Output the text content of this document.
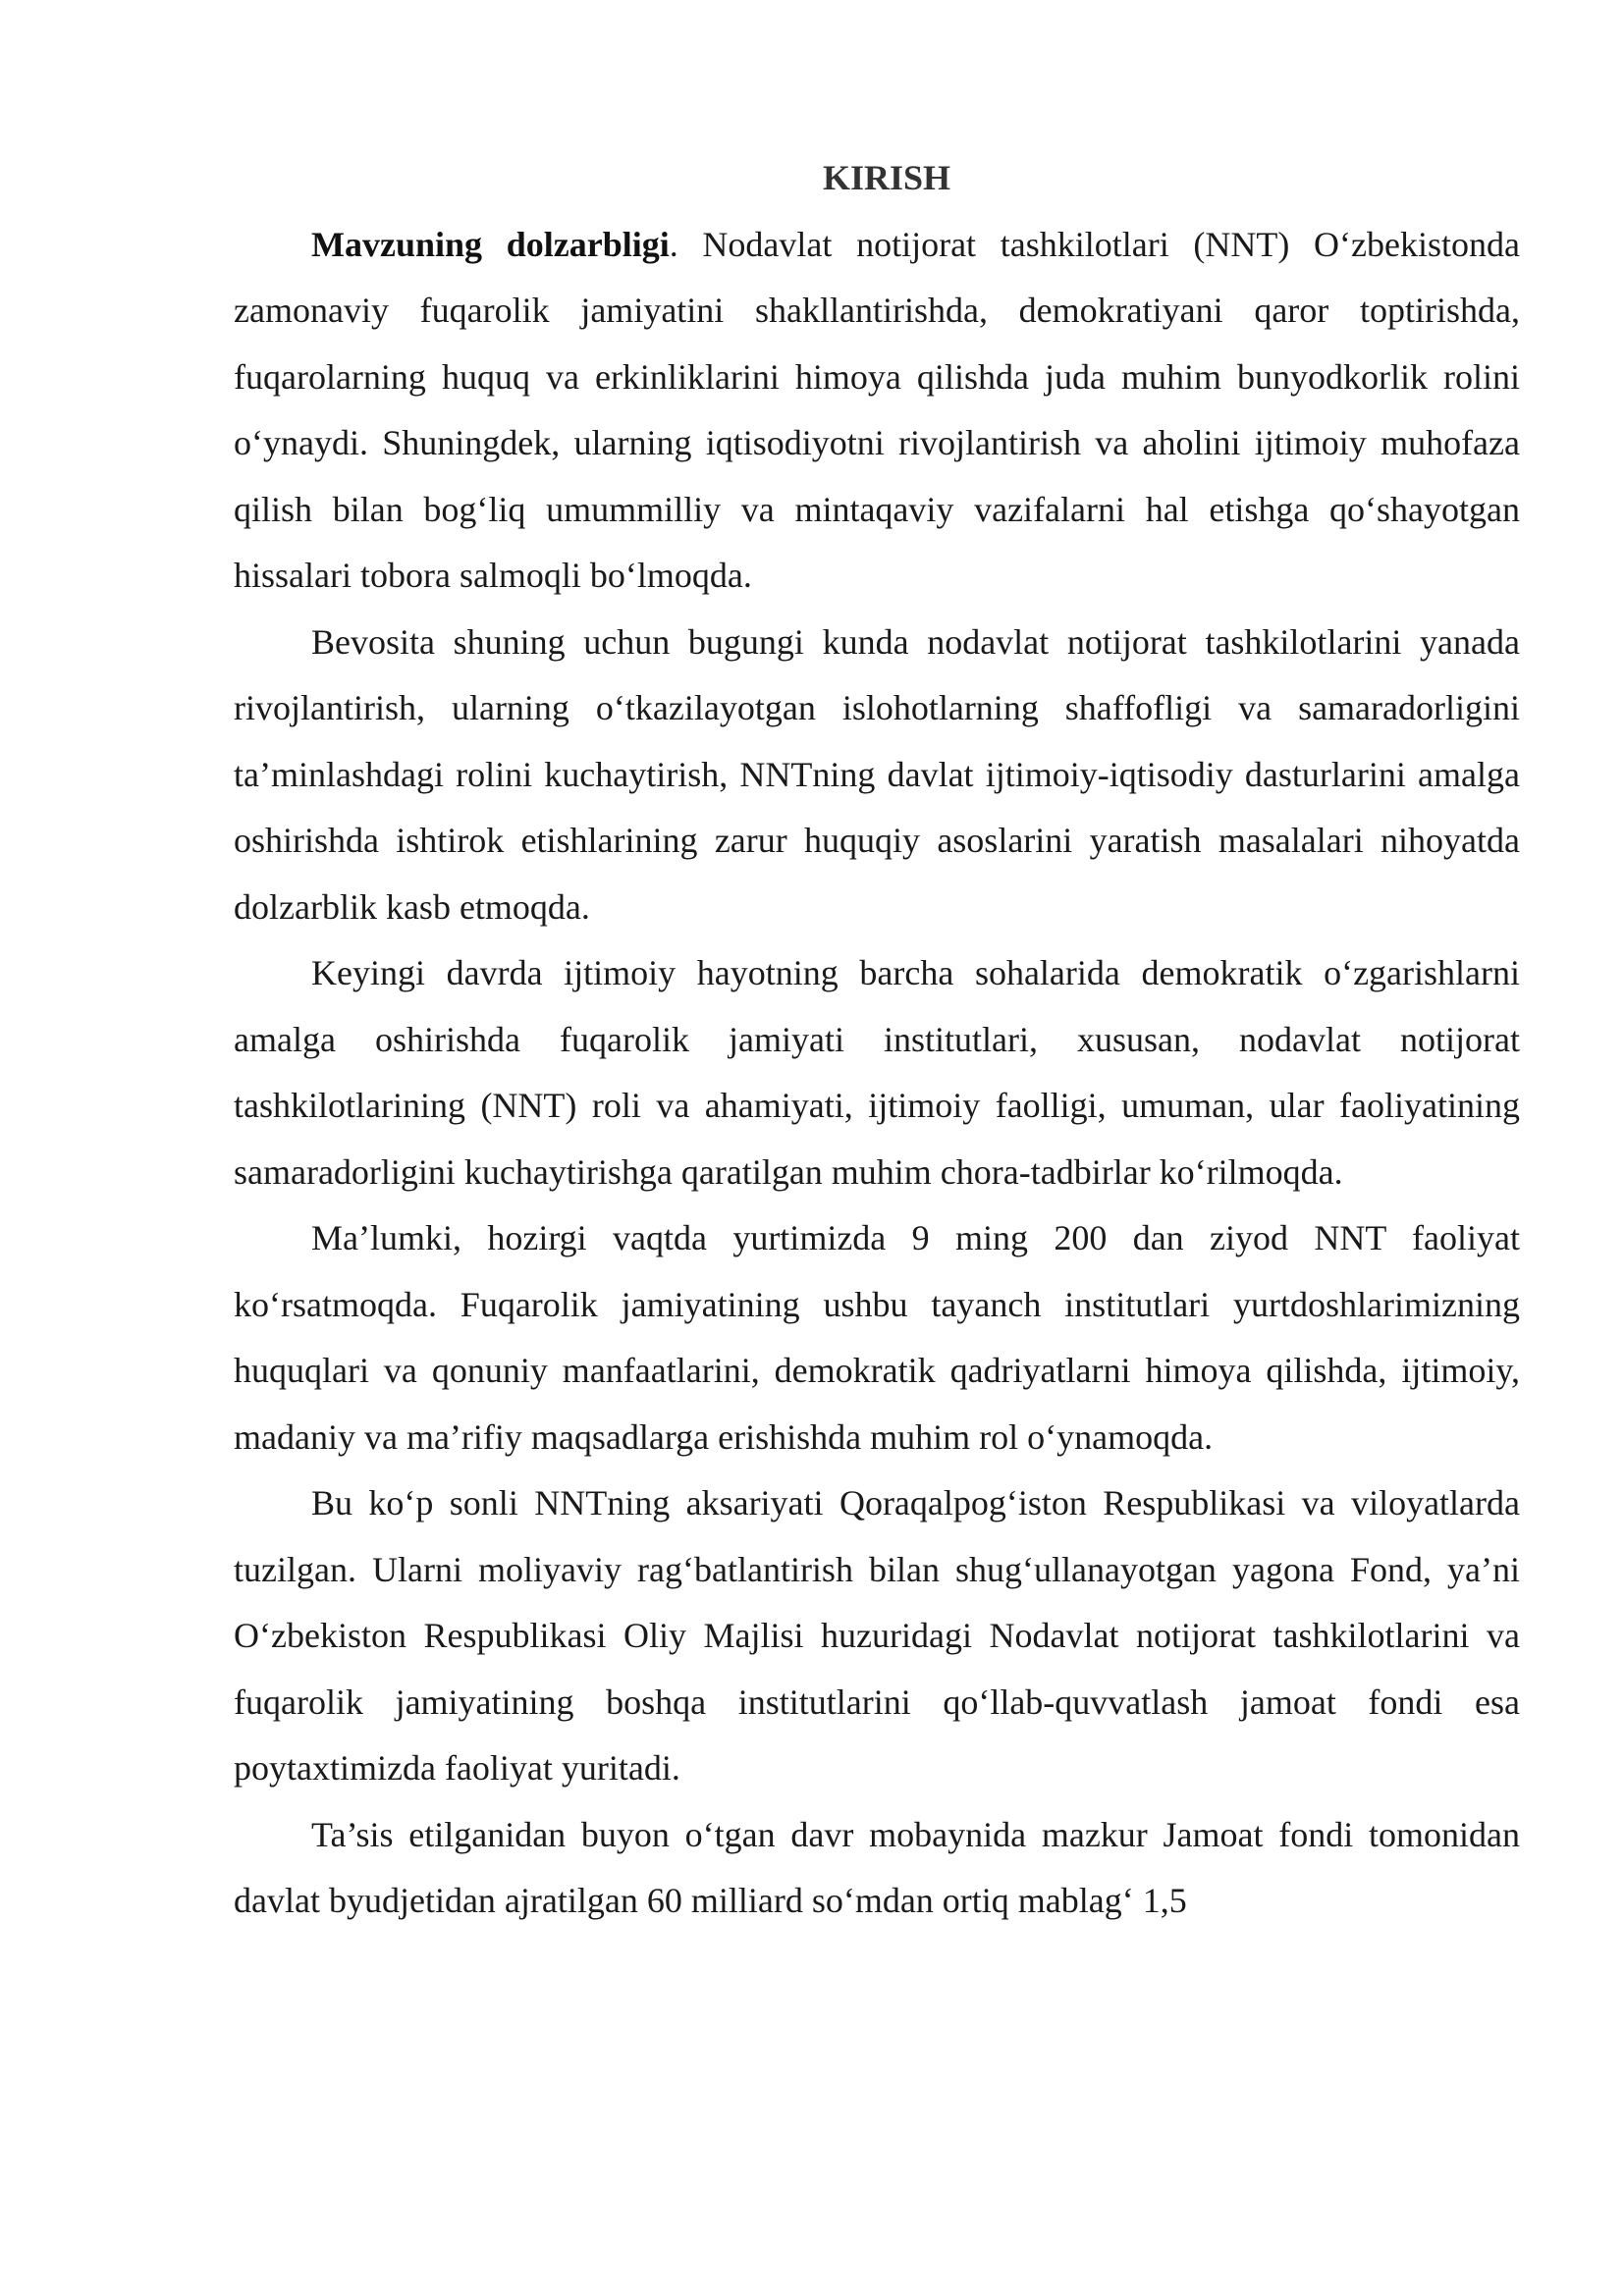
KIRISH

Mavzuning dolzarbligi. Nodavlat notijorat tashkilotlari (NNT) O‘zbekistonda zamonaviy fuqarolik jamiyatini shakllantirishda, demokratiyani qaror toptirishda, fuqarolarning huquq va erkinliklarini himoya qilishda juda muhim bunyodkorlik rolini o‘ynaydi. Shuningdek, ularning iqtisodiyotni rivojlantirish va aholini ijtimoiy muhofaza qilish bilan bog‘liq umummilliy va mintaqaviy vazifalarni hal etishga qo‘shayotgan hissalari tobora salmoqli bo‘lmoqda.

Bevosita shuning uchun bugungi kunda nodavlat notijorat tashkilotlarini yanada rivojlantirish, ularning o‘tkazilayotgan islohotlarning shaffofligi va samaradorligini ta’minlashdagi rolini kuchaytirish, NNTning davlat ijtimoiy-iqtisodiy dasturlarini amalga oshirishda ishtirok etishlarining zarur huquqiy asoslarini yaratish masalalari nihoyatda dolzarblik kasb etmoqda.

Keyingi davrda ijtimoiy hayotning barcha sohalarida demokratik o‘zgarishlarni amalga oshirishda fuqarolik jamiyati institutlari, xususan, nodavlat notijorat tashkilotlarining (NNT) roli va ahamiyati, ijtimoiy faolligi, umuman, ular faoliyatining samaradorligini kuchaytirishga qaratilgan muhim chora-tadbirlar ko‘rilmoqda.

Ma’lumki, hozirgi vaqtda yurtimizda 9 ming 200 dan ziyod NNT faoliyat ko‘rsatmoqda. Fuqarolik jamiyatining ushbu tayanch institutlari yurtdoshlarimizning huquqlari va qonuniy manfaatlarini, demokratik qadriyatlarni himoya qilishda, ijtimoiy, madaniy va ma’rifiy maqsadlarga erishishda muhim rol o‘ynamoqda.

Bu ko‘p sonli NNTning aksariyati Qoraqalpog‘iston Respublikasi va viloyatlarda tuzilgan. Ularni moliyaviy rag‘batlantirish bilan shug‘ullanayotgan yagona Fond, ya’ni O‘zbekiston Respublikasi Oliy Majlisi huzuridagi Nodavlat notijorat tashkilotlarini va fuqarolik jamiyatining boshqa institutlarini qo‘llab-quvvatlash jamoat fondi esa poytaxtimizda faoliyat yuritadi.

Ta’sis etilganidan buyon o‘tgan davr mobaynida mazkur Jamoat fondi tomonidan davlat byudjetidan ajratilgan 60 milliard so‘mdan ortiq mablag‘ 1,5
